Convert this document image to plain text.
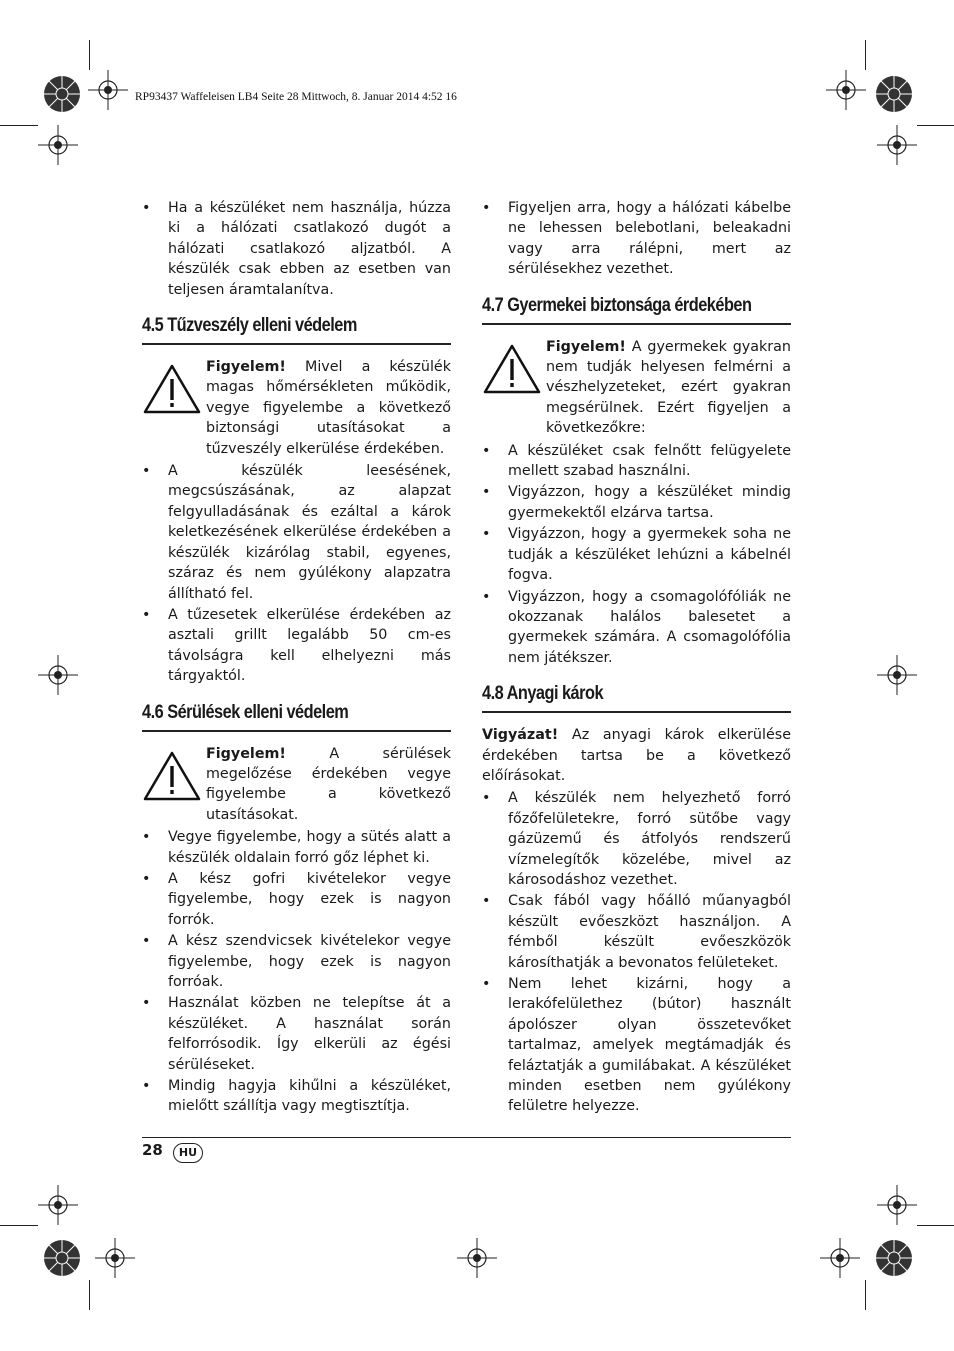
RP93437 Waffeleisen LB4 Seite 28 Mittwoch, 8. Januar 2014 4:52 16
• Ha a készüléket nem használja, húzza ki a hálózati csatlakozó dugót a hálózati csatlakozó aljzatból. A készülék csak ebben az esetben van teljesen áramtalanítva.
4.5 Tűzveszély elleni védelem
Figyelem! Mivel a készülék magas hőmérsékleten működik, vegye figyelembe a következő biztonsági utasításokat a tűzveszély elkerülése érdekében.
• A készülék leesésének, megcsúszásának, az alapzat felgyulladásának és ezáltal a károk keletkezésének elkerülése érdekében a készülék kizárólag stabil, egyenes, száraz és nem gyúlékony alapzatra állítható fel.
• A tűzesetek elkerülése érdekében az asztali grillt legalább 50 cm-es távolságra kell elhelyezni más tárgyaktól.
4.6 Sérülések elleni védelem
Figyelem! A sérülések megelőzése érdekében vegye figyelembe a következő utasításokat.
• Vegye figyelembe, hogy a sütés alatt a készülék oldalain forró gőz léphet ki.
• A kész gofri kivételekor vegye figyelembe, hogy ezek is nagyon forrók.
• A kész szendvicsek kivételekor vegye figyelembe, hogy ezek is nagyon forróak.
• Használat közben ne telepítse át a készüléket. A használat során felforrósodik. Így elkerüli az égési sérüléseket.
• Mindig hagyja kihűlni a készüléket, mielőtt szállítja vagy megtisztítja.
• Figyeljen arra, hogy a hálózati kábelbe ne lehessen belebotlani, beleakadni vagy arra rálépni, mert az sérülésekhez vezethet.
4.7 Gyermekei biztonsága érdekében
Figyelem! A gyermekek gyakran nem tudják helyesen felmérni a vészhelyzeteket, ezért gyakran megsérülnek. Ezért figyeljen a következőkre:
• A készüléket csak felnőtt felügyelete mellett szabad használni.
• Vigyázzon, hogy a készüléket mindig gyermekektől elzárva tartsa.
• Vigyázzon, hogy a gyermekek soha ne tudják a készüléket lehúzni a kábelnél fogva.
• Vigyázzon, hogy a csomagolófóliák ne okozzanak halálos balesetet a gyermekek számára. A csomagolófólia nem játékszer.
4.8 Anyagi károk
Vigyázat! Az anyagi károk elkerülése érdekében tartsa be a következő előírásokat.
• A készülék nem helyezhető forró főzőfelületekre, forró sütőbe vagy gázüzemű és átfolyós rendszerű vízmelegítők közelébe, mivel az károsodáshoz vezethet.
• Csak fából vagy hőálló műanyagból készült evőeszközt használjon. A fémből készült evőeszközök károsíthatják a bevonatos felületeket.
• Nem lehet kizárni, hogy a lerakófelülethez (bútor) használt ápolószer olyan összetevőket tartalmaz, amelyek megtámadják és feláztatják a gumilábakat. A készüléket minden esetben nem gyúlékony felületre helyezze.
28	HU
